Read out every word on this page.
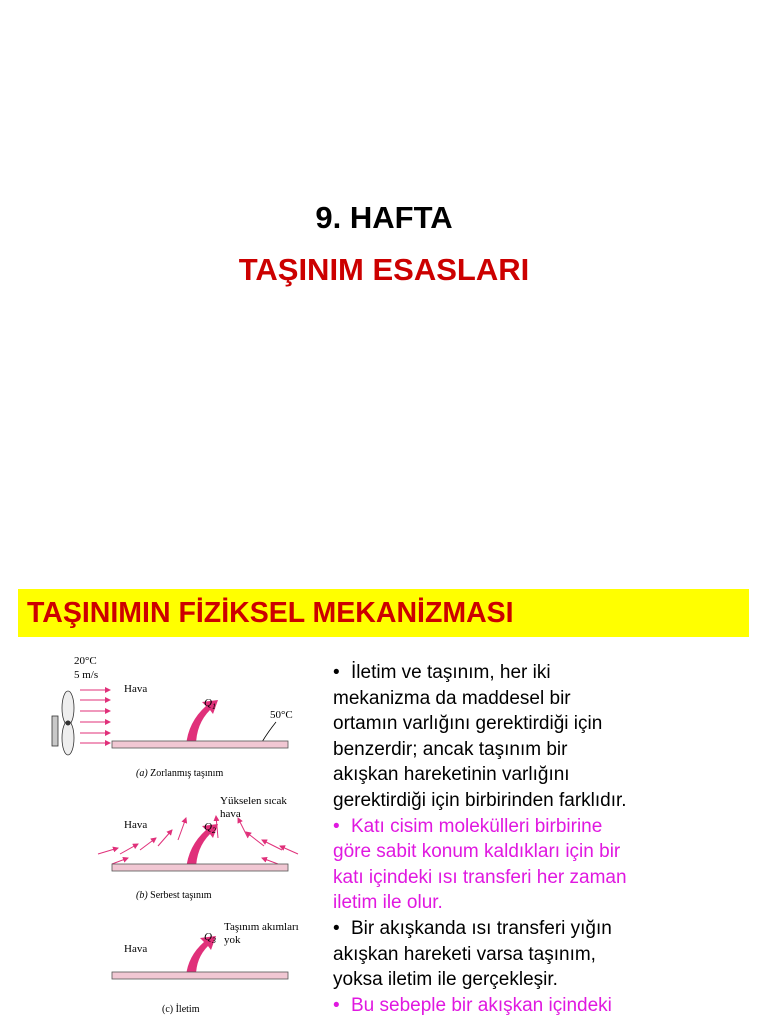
9. HAFTA
TAŞINIM ESASLARI
TAŞINIMIN FİZİKSEL MEKANİZMASI
20°C
5 m/s
Hava
$Q_1$
50°C
(a) Zorlanmış taşınım
Hava
Yükselen sıcak
hava
$Q_2$
(b) Serbest taşınım
Hava
Taşınım akımları
yok
$Q_3$
(c) İletim
• İletim ve taşınım, her iki
mekanizma da maddesel bir
ortamın varlığını gerektirdiği için
benzerdir; ancak taşınım bir
akışkan hareketinin varlığını
gerektirdiği için birbirinden farklıdır.
• Katı cisim molekülleri birbirine
göre sabit konum kaldıkları için bir
katı içindeki ısı transferi her zaman
iletim ile olur.
• Bir akışkanda ısı transferi yığın
akışkan hareketi varsa taşınım,
yoksa iletim ile gerçekleşir.
• Bu sebeple bir akışkan içindeki
